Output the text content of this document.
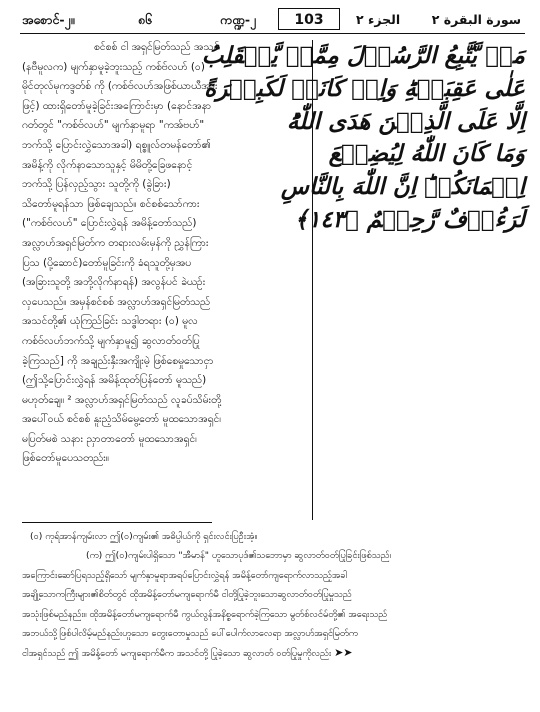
အစောင်-၂။	၈၆	ကဏ္ဍ-၂	103	الجزء ٢	سورة البقرة ٢

စင်စစ် ငါ အရှင်မြတ်သည် အသင်

(နဗီမူလက) မျက်နှာမူခဲ့ဘူးသည့် ကစ်ဗ်လဟ် (၀)

မိုင်တုလ်မုကဒ္ဒတ်စ် ကို (ကစ်ဗ်လဟ်အဖြစ်ယာယီအား

ဖြင့်) ထားရှိတော်မူခဲ့ခြင်းအကြောင်းမှာ (နောင်အနာ

ဂတ်တွင် "ကစ်ဗ်လဟ်" မျက်နှာမူရာ "ကအ်ဗဟ်"

ဘက်သို့ ပြောင်းလွှဲသောအခါ) ရစ္စူလ်တမန်တော်၏

အမိန့်ကို လိုက်နာသောသူနှင့် မိမိတို့ခြေဖနောင့်

ဘက်သို့ ပြန်လှည့်သွား သူတို့ကို (ခွဲခြား)

သိတော်မူရန်သာ ဖြစ်ချေသည်။ စင်စစ်သော်ကား

("ကစ်ဗ်လဟ်" ပြောင်းလွှဲရန် အမိန့်တော်သည်)

အလ္လာဟ်အရှင်မြတ်က တရားလမ်းမှန်ကို ညွှန်ကြား

ပြသ (ပို့ဆောင်)တော်မူခြင်းကို ခံရသူတို့မှအပ

(အခြားသူတို့ အဘို့လိုက်နာရန်) အလွန်ပင် ခဲယဉ်း

လှပေသည်။ အမှန်စင်စစ် အလ္လာဟ်အရှင်မြတ်သည်

အသင်တို့၏ ယုံကြည်ခြင်း သဒ္ဓါတရား (၀) မူလ

ကစ်ဗ်လဟ်ဘက်သို့ မျက်နှာမူ၍ ဆွလာတ်ဝတ်ပြု

ခဲ့ကြသည်] ကို အချည်းနှီးအကျိုးမဲ့ ဖြစ်စေမှုသောငှာ

(ဤသို့ပြောင်းလွှဲရန် အမိန့်ထုတ်ပြန်တော် မူသည်)

မဟုတ်ချေ။ ² အလ္လာဟ်အရှင်မြတ်သည် လူခပ်သိမ်းတို့

အပေါ်ဝယ် စင်စစ် နူးညံ့သိမ်မွေ့တော် မူထသောအရှင်၊

မပြတ်မစဲ သနား ညှာတာတော် မူထသောအရှင်၊

ဖြစ်တော်မူပေသတည်း။

مَنۡ يَّتَّبِعُ الرَّسُوۡلَ مِمَّنۡ يَّنۡقَلِبُ

عَلٰى عَقِبَيۡهِ‌ؕ وَاِنۡ كَانَتۡ لَكَبِيۡرَةً

اِلَّا عَلَى الَّذِيۡنَ هَدَى اللّٰهُ‌ؕ

وَمَا كَانَ اللّٰهُ لِيُضِيۡعَ

اِيۡمَانَكُمۡ‌ؕ اِنَّ اللّٰهَ بِالنَّاسِ

لَرَءُوۡفٌ رَّحِيۡمٌ ﴿١٤٣﴾

(၀) ကုရ်အာန်ကျမ်းလာ ဤ(ဝ)ကျမ်း၏ အဓိပ္ပါယ်ကို ရှင်းလင်းပြဦးအံ့။

(က) ဤ(ဝ)ကျမ်းပါရှိသော "အီမာန်" ဟူသောပုဒ်၏သဘောမှာ ဆွလာတ်ဝတ်ပြုခြင်းဖြစ်သည်၊

အကြောင်းဆော်ပြရသည့်ရှိသော် မျက်နှာမူရာအရပ်ပြောင်းလွှဲရန် အမိန့်တော်ကျရောက်လာသည့်အခါ

အချို့သောကကြီးများ၏စိတ်တွင် ထိုအမိန့်တော်မကျရောက်မီ ငါတို့ပြုခဲ့ဘူးသောဆွလာတ်ဝတ်ပြုမှုသည်

အသုံးဖြစ်မည်နည်း။ ထိုအမိန့်တော်မကျရောက်မီ ကွယ်လွန်အနိစ္စရောက်ခဲ့ကြသော မွတ်စ်လင်မ်တို့၏ အရေးသည်

အဘယ်သို့ဖြစ်ပါလိမ့်မည်နည်းဟူသော တွေးတောမှုသည် ပေါ်ပေါက်လာလေရာ အလ္လာဟ်အရှင်မြတ်က

ငါအရှင်သည် ဤ အမိန့်တော် မကျရောက်မီက အသင်တို့ ပြုခဲ့သော ဆွလာတ် ဝတ်ပြုမှုကိုလည်း ➤➤
